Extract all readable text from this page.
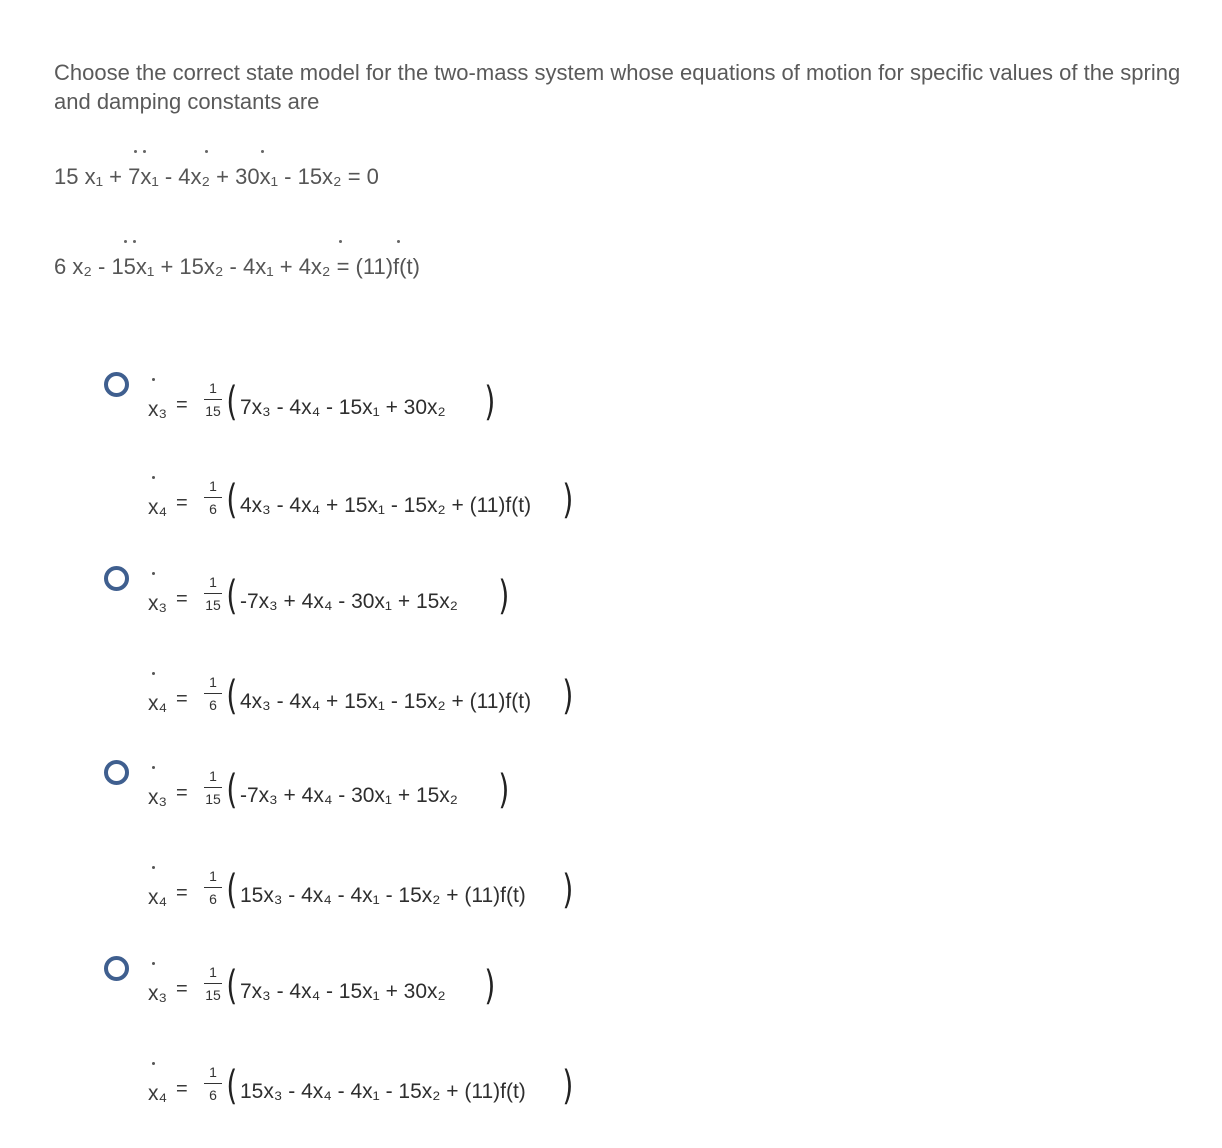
Choose the correct state model for the two-mass system whose equations of motion for specific values of the spring and damping constants are
15 x₁ + 7x₁ - 4x₂ + 30x₁ - 15x₂ = 0
6 x₂ - 15x₁ + 15x₂ - 4x₁ + 4x₂ = (11)f(t)
x₃ =
1
15 ( 7x₃ - 4x₄ - 15x₁ + 30x₂ )
x₄ =
1
6 ( 4x₃ - 4x₄ + 15x₁ - 15x₂ + (11)f(t) )
x₃ =
1
15 ( -7x₃ + 4x₄ - 30x₁ + 15x₂ )
x₄ =
1
6 ( 4x₃ - 4x₄ + 15x₁ - 15x₂ + (11)f(t) )
x₃ =
1
15 ( -7x₃ + 4x₄ - 30x₁ + 15x₂ )
x₄ =
1
6 ( 15x₃ - 4x₄ - 4x₁ - 15x₂ + (11)f(t) )
x₃ =
1
15 ( 7x₃ - 4x₄ - 15x₁ + 30x₂ )
x₄ =
1
6 ( 15x₃ - 4x₄ - 4x₁ - 15x₂ + (11)f(t) )
